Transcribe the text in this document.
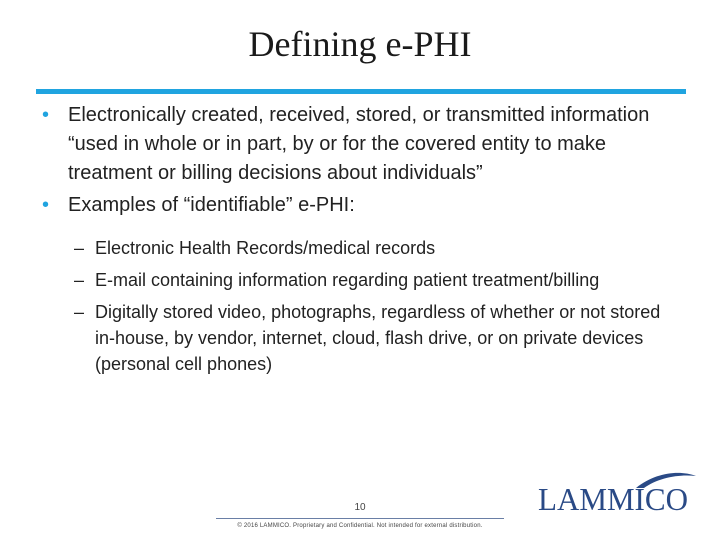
Defining e-PHI

• Electronically created, received, stored, or transmitted information “used in whole or in part, by or for the covered entity to make treatment or billing decisions about individuals”

• Examples of “identifiable” e-PHI:

– Electronic Health Records/medical records

– E-mail containing information regarding patient treatment/billing

– Digitally stored video, photographs, regardless of whether or not stored in-house, by vendor, internet, cloud, flash drive, or on private devices (personal cell phones)

10
© 2016 LAMMICO. Proprietary and Confidential. Not intended for external distribution.
LAMMICO
